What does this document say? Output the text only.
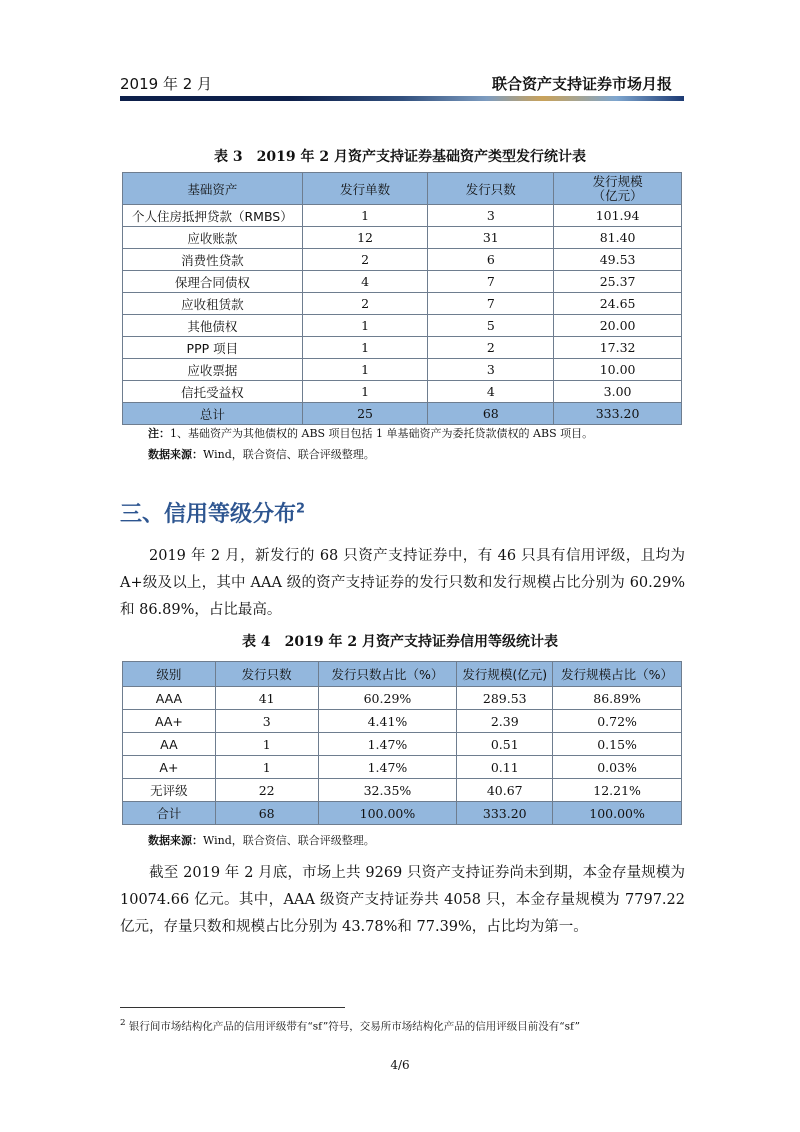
2019 年 2 月	联合资产支持证券市场月报
表 3　2019 年 2 月资产支持证券基础资产类型发行统计表
基础资产	发行单数	发行只数	发行规模
（亿元）
个人住房抵押贷款（RMBS）	1	3	101.94
应收账款	12	31	81.40
消费性贷款	2	6	49.53
保理合同债权	4	7	25.37
应收租赁款	2	7	24.65
其他债权	1	5	20.00
PPP 项目	1	2	17.32
应收票据	1	3	10.00
信托受益权	1	4	3.00
总计	25	68	333.20
注：1、基础资产为其他债权的 ABS 项目包括 1 单基础资产为委托贷款债权的 ABS 项目。
数据来源：Wind，联合资信、联合评级整理。
三、信用等级分布$^2$
2019 年 2 月，新发行的 68 只资产支持证券中，有 46 只具有信用评级，且均为 A+级及以上，其中 AAA 级的资产支持证券的发行只数和发行规模占比分别为 60.29%和 86.89%，占比最高。
表 4　2019 年 2 月资产支持证券信用等级统计表
级别	发行只数	发行只数占比（%）	发行规模(亿元)	发行规模占比（%）
AAA	41	60.29%	289.53	86.89%
AA+	3	4.41%	2.39	0.72%
AA	1	1.47%	0.51	0.15%
A+	1	1.47%	0.11	0.03%
无评级	22	32.35%	40.67	12.21%
合计	68	100.00%	333.20	100.00%
数据来源：Wind，联合资信、联合评级整理。
截至 2019 年 2 月底，市场上共 9269 只资产支持证券尚未到期，本金存量规模为 10074.66 亿元。其中，AAA 级资产支持证券共 4058 只，本金存量规模为 7797.22 亿元，存量只数和规模占比分别为 43.78%和 77.39%，占比均为第一。
$^2$ 银行间市场结构化产品的信用评级带有“sf”符号，交易所市场结构化产品的信用评级目前没有“sf”
4/6
